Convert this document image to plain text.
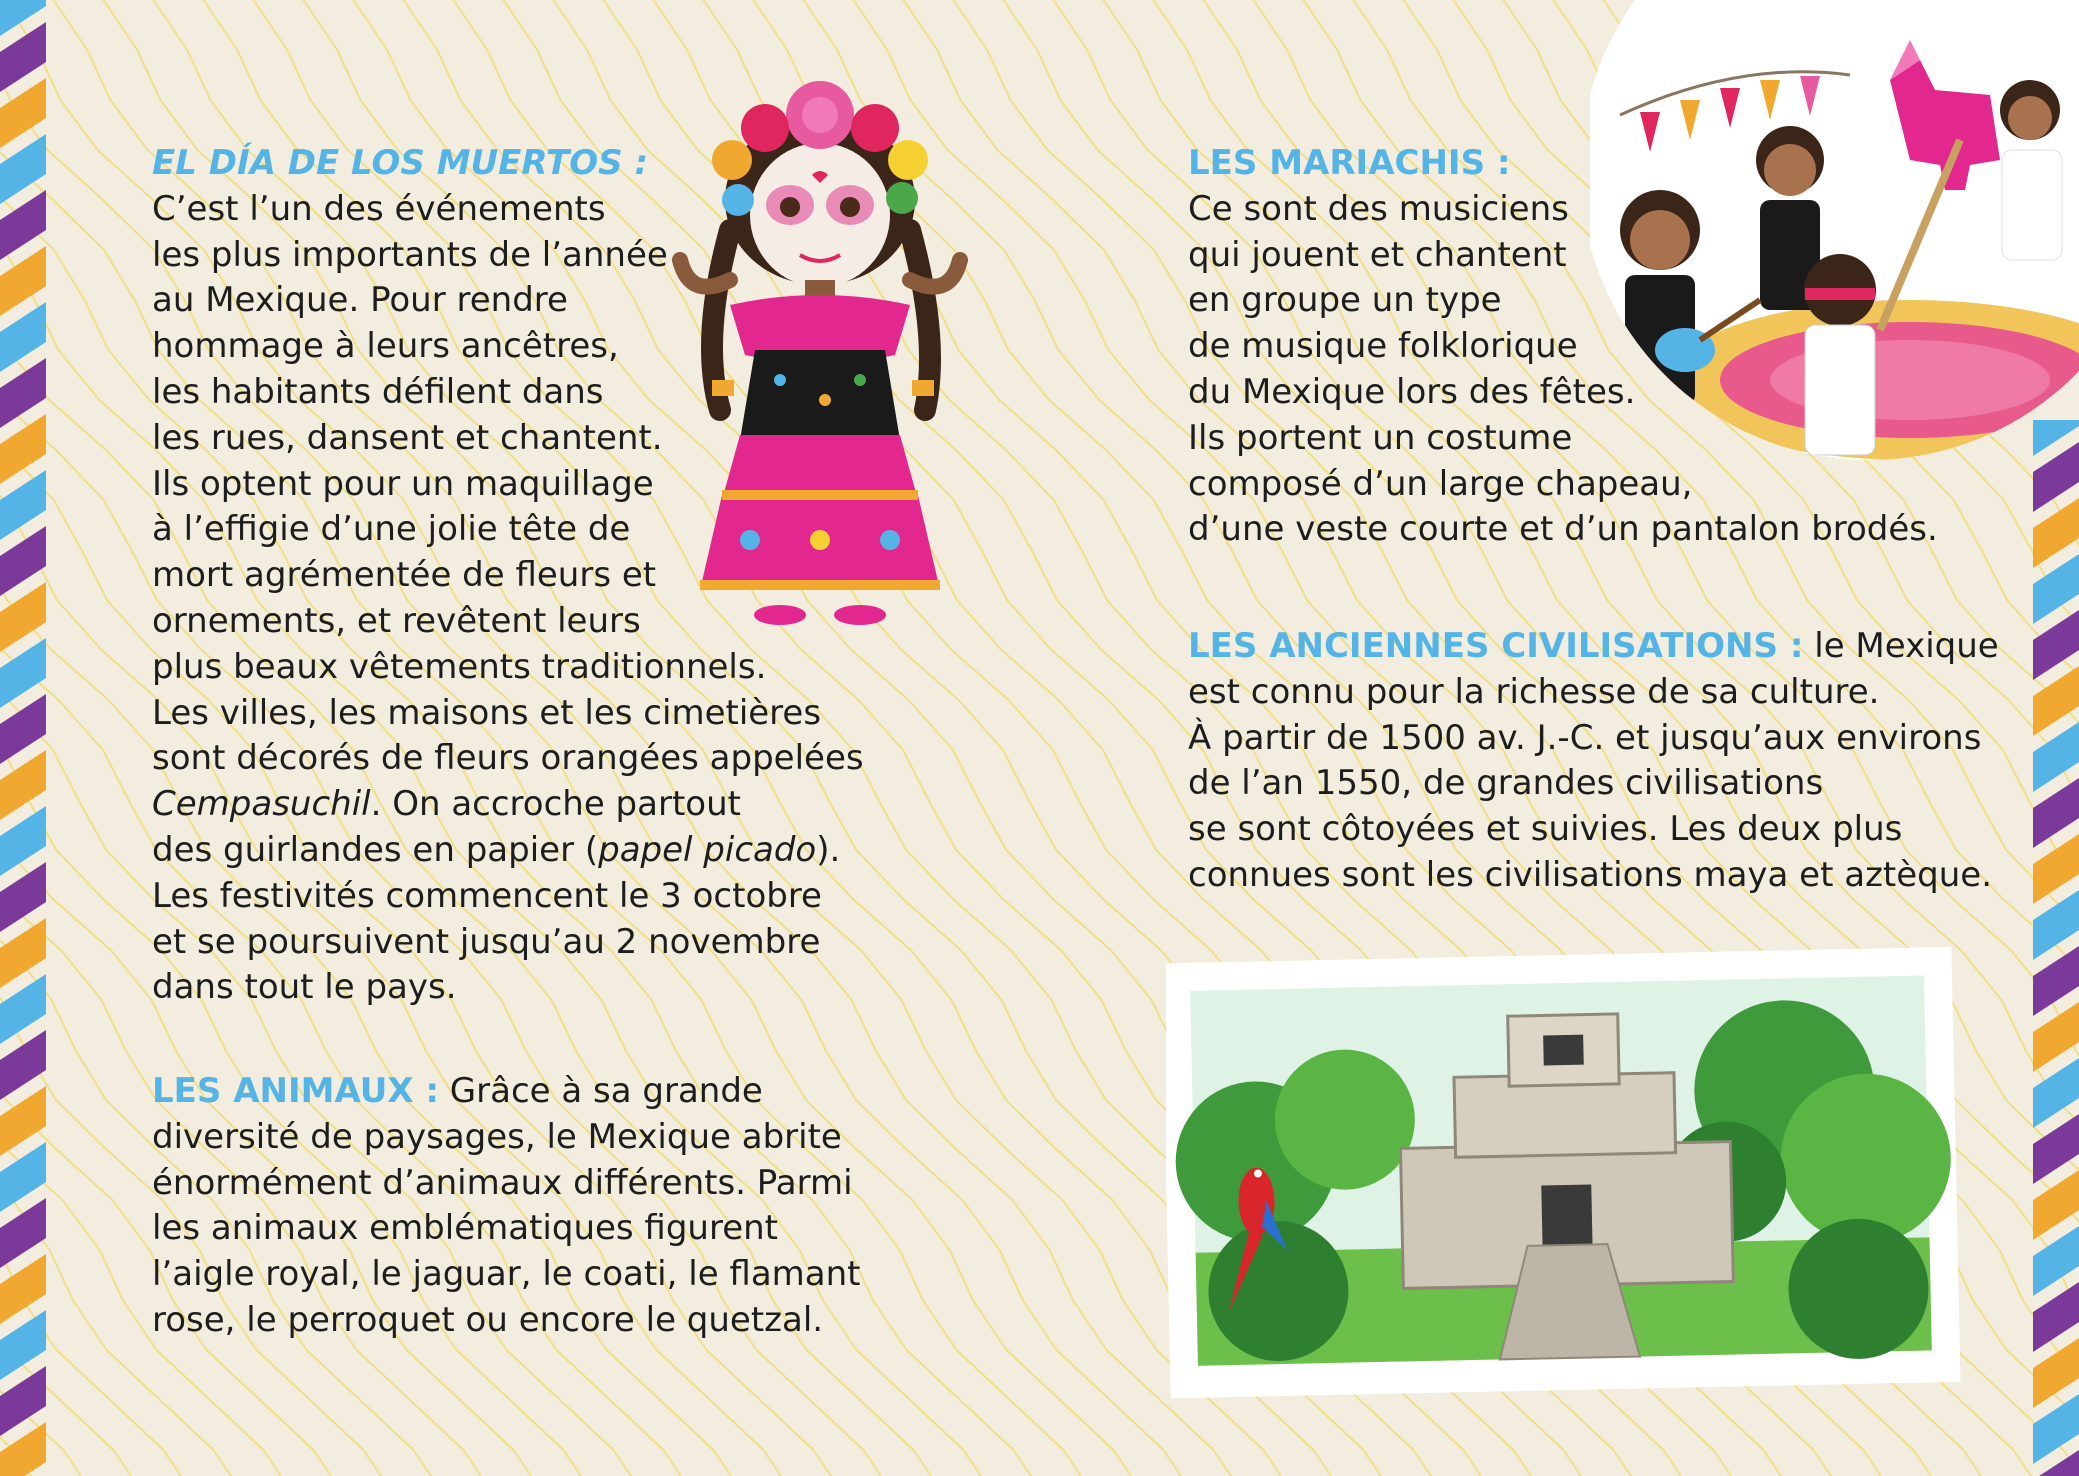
EL DÍA DE LOS MUERTOS :
C’est l’un des événements
les plus importants de l’année
au Mexique. Pour rendre
hommage à leurs ancêtres,
les habitants défilent dans
les rues, dansent et chantent.
Ils optent pour un maquillage
à l’effigie d’une jolie tête de
mort agrémentée de fleurs et
ornements, et revêtent leurs
plus beaux vêtements traditionnels.
Les villes, les maisons et les cimetières
sont décorés de fleurs orangées appelées
Cempasuchil. On accroche partout
des guirlandes en papier (papel picado).
Les festivités commencent le 3 octobre
et se poursuivent jusqu’au 2 novembre
dans tout le pays.
LES ANIMAUX : Grâce à sa grande
diversité de paysages, le Mexique abrite
énormément d’animaux différents. Parmi
les animaux emblématiques figurent
l’aigle royal, le jaguar, le coati, le flamant
rose, le perroquet ou encore le quetzal.
LES MARIACHIS :
Ce sont des musiciens
qui jouent et chantent
en groupe un type
de musique folklorique
du Mexique lors des fêtes.
Ils portent un costume
composé d’un large chapeau,
d’une veste courte et d’un pantalon brodés.
LES ANCIENNES CIVILISATIONS : le Mexique
est connu pour la richesse de sa culture.
À partir de 1500 av. J.-C. et jusqu’aux environs
de l’an 1550, de grandes civilisations
se sont côtoyées et suivies. Les deux plus
connues sont les civilisations maya et aztèque.
